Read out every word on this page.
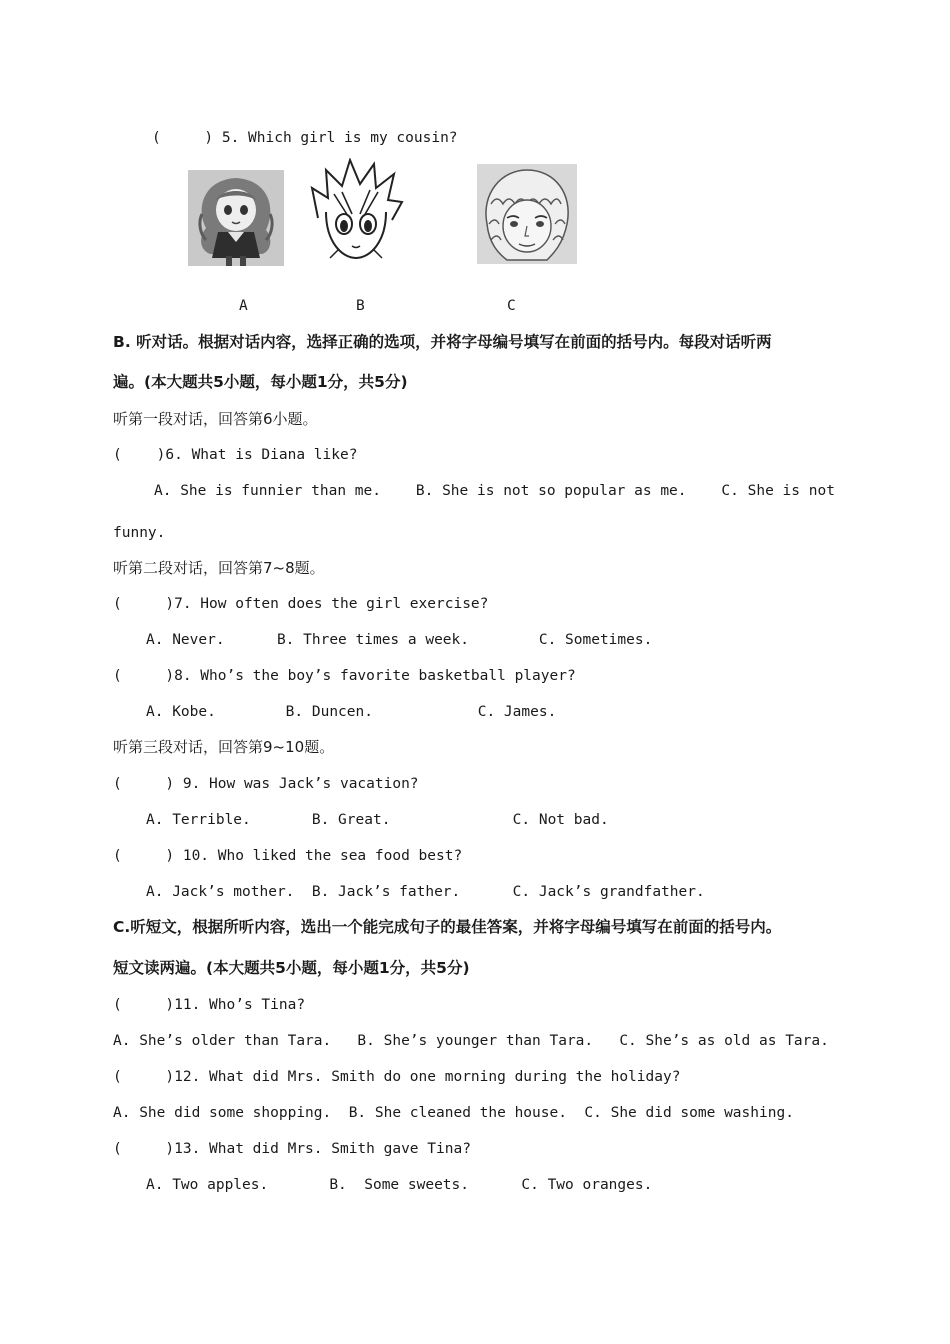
(     ) 5. Which girl is my cousin?
A	B	C
B. 听对话。根据对话内容，选择正确的选项，并将字母编号填写在前面的括号内。每段对话听两
遍。(本大题共5小题，每小题1分，共5分)
听第一段对话，回答第6小题。
(    )6. What is Diana like?
A. She is funnier than me.    B. She is not so popular as me.    C. She is not
funny.
听第二段对话，回答第7~8题。
(     )7. How often does the girl exercise?
A. Never.      B. Three times a week.        C. Sometimes.
(     )8. Who’s the boy’s favorite basketball player?
A. Kobe.        B. Duncen.            C. James.
听第三段对话，回答第9~10题。
(     ) 9. How was Jack’s vacation?
A. Terrible.       B. Great.              C. Not bad.
(     ) 10. Who liked the sea food best?
A. Jack’s mother.  B. Jack’s father.      C. Jack’s grandfather.
C.听短文，根据所听内容，选出一个能完成句子的最佳答案，并将字母编号填写在前面的括号内。
短文读两遍。(本大题共5小题，每小题1分，共5分)
(     )11. Who’s Tina?
A. She’s older than Tara.   B. She’s younger than Tara.   C. She’s as old as Tara.
(     )12. What did Mrs. Smith do one morning during the holiday?
A. She did some shopping.  B. She cleaned the house.  C. She did some washing.
(     )13. What did Mrs. Smith gave Tina?
A. Two apples.       B.  Some sweets.      C. Two oranges.
